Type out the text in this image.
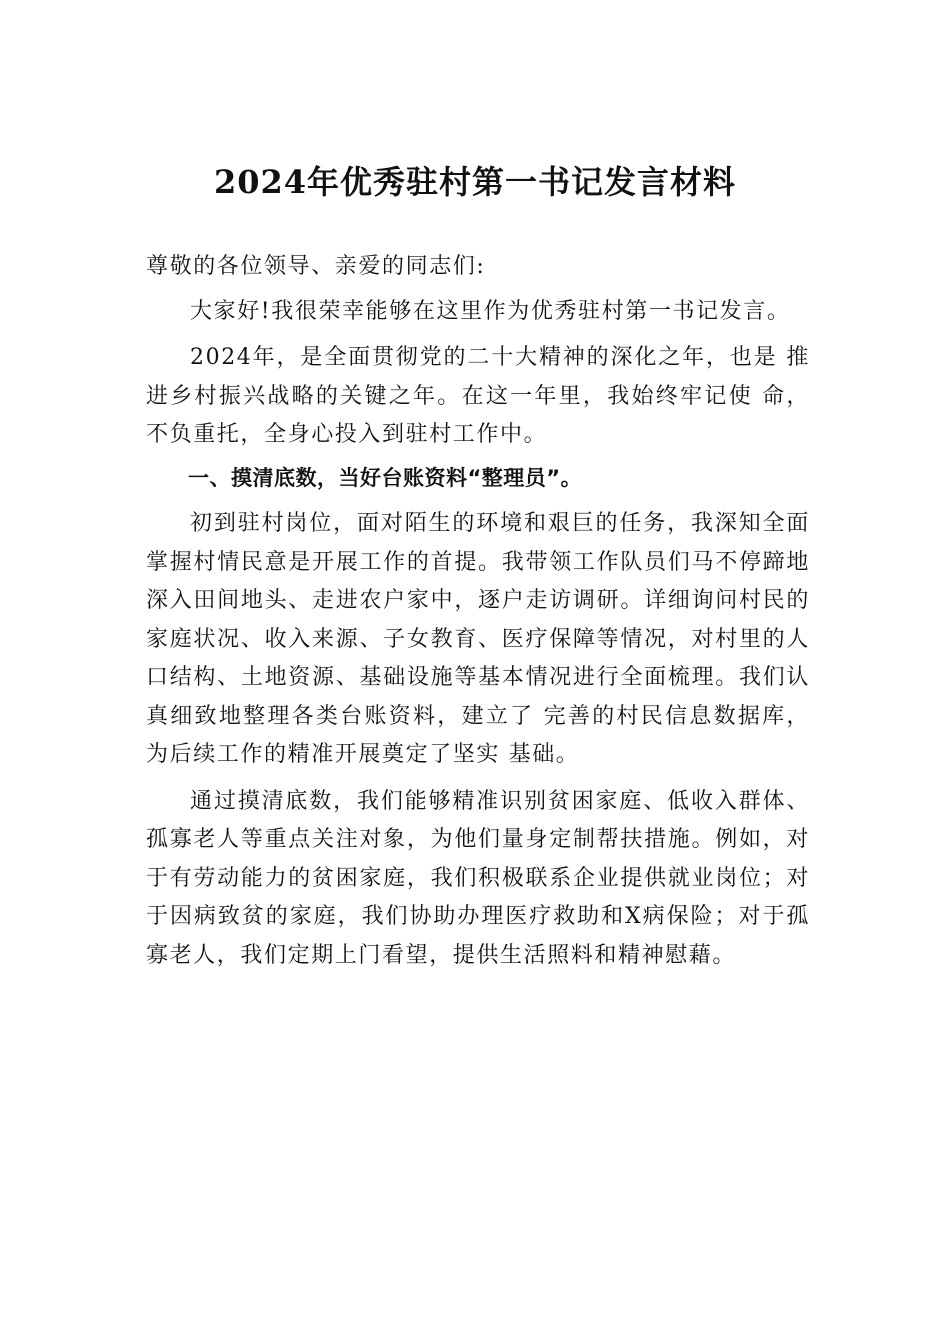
2024年优秀驻村第一书记发言材料

尊敬的各位领导、亲爱的同志们:

大家好!我很荣幸能够在这里作为优秀驻村第一书记发言。

2024年，是全面贯彻党的二十大精神的深化之年，也是 推进乡村振兴战略的关键之年。在这一年里，我始终牢记使 命，不负重托，全身心投入到驻村工作中。

一、摸清底数，当好台账资料“整理员”。

初到驻村岗位，面对陌生的环境和艰巨的任务，我深知全面掌握村情民意是开展工作的首提。我带领工作队员们马不停蹄地深入田间地头、走进农户家中，逐户走访调研。详细询问村民的家庭状况、收入来源、子女教育、医疗保障等情况，对村里的人口结构、土地资源、基础设施等基本情况进行全面梳理。我们认真细致地整理各类台账资料，建立了 完善的村民信息数据库，为后续工作的精准开展奠定了坚实 基础。

通过摸清底数，我们能够精准识别贫困家庭、低收入群体、孤寡老人等重点关注对象，为他们量身定制帮扶措施。例如，对于有劳动能力的贫困家庭，我们积极联系企业提供就业岗位；对于因病致贫的家庭，我们协助办理医疗救助和X病保险；对于孤寡老人，我们定期上门看望，提供生活照料和精神慰藉。
